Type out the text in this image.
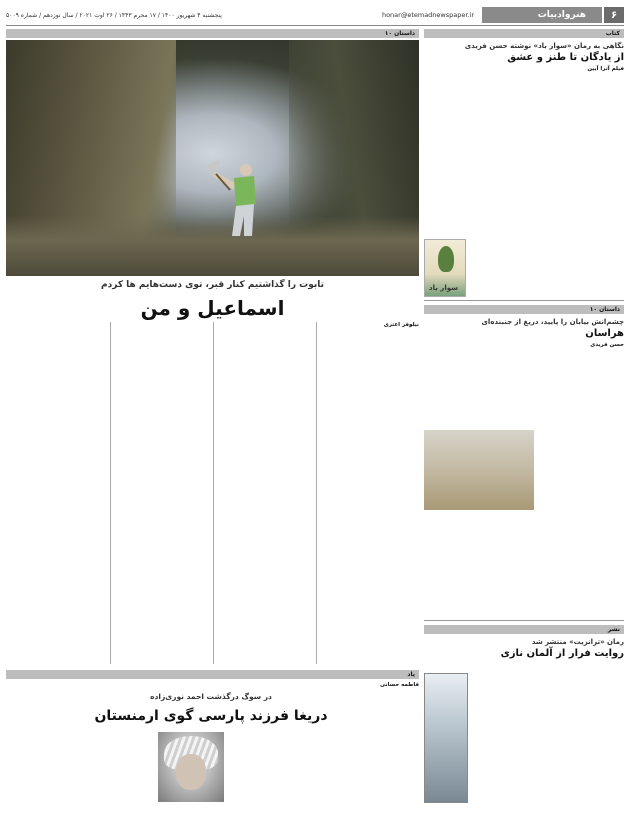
۶
هنروادبیات
honar@etemadnewspaper.ir
پنجشنبه ۴ شهریور ۱۴۰۰ / ۱۷ محرم ۱۴۴۳ / ۲۶ اوت ۲۰۲۱ / سال نوزدهم / شماره ۵۰۰۹
داستان ۱۰
تابوت را گذاشتیم کنار قبر، توی دست‌هایم ها کردم
اسماعیل و من
نیلوفر اعتری
کتاب
نگاهی به رمان «سوار باد» نوشته حسن فریدی
از یادگان تا طنز و عشق
فیلم آترا آیین
سوار باد
داستان ۱۰
چشم‌انش بیابان را پایید، دریغ از جنبنده‌ای
هراسان
حسن فریدی
نشر
رمان «ترانزیت» منتشر شد
روایت فرار از آلمان نازی
یاد
فاطمه حسانی
در سوگ درگذشت احمد نوری‌زاده
دریغا فرزند پارسی گوی ارمنستان
